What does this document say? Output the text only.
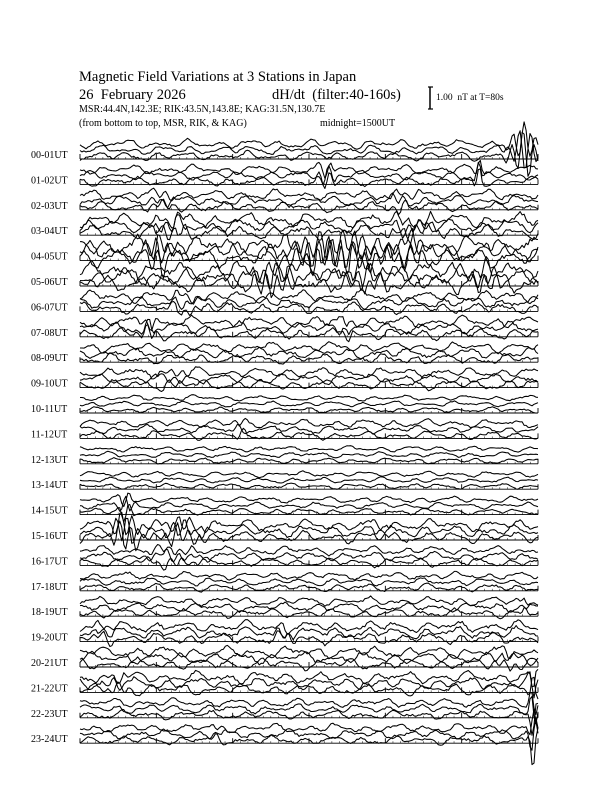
Magnetic Field Variations at 3 Stations in Japan
26  February 2026	dH/dt  (filter:40-160s)
MSR:44.4N,142.3E; RIK:43.5N,143.8E; KAG:31.5N,130.7E
(from bottom to top, MSR, RIK, & KAG)	midnight=1500UT
1.00  nT at T=80s
00-01UT
01-02UT
02-03UT
03-04UT
04-05UT
05-06UT
06-07UT
07-08UT
08-09UT
09-10UT
10-11UT
11-12UT
12-13UT
13-14UT
14-15UT
15-16UT
16-17UT
17-18UT
18-19UT
19-20UT
20-21UT
21-22UT
22-23UT
23-24UT
